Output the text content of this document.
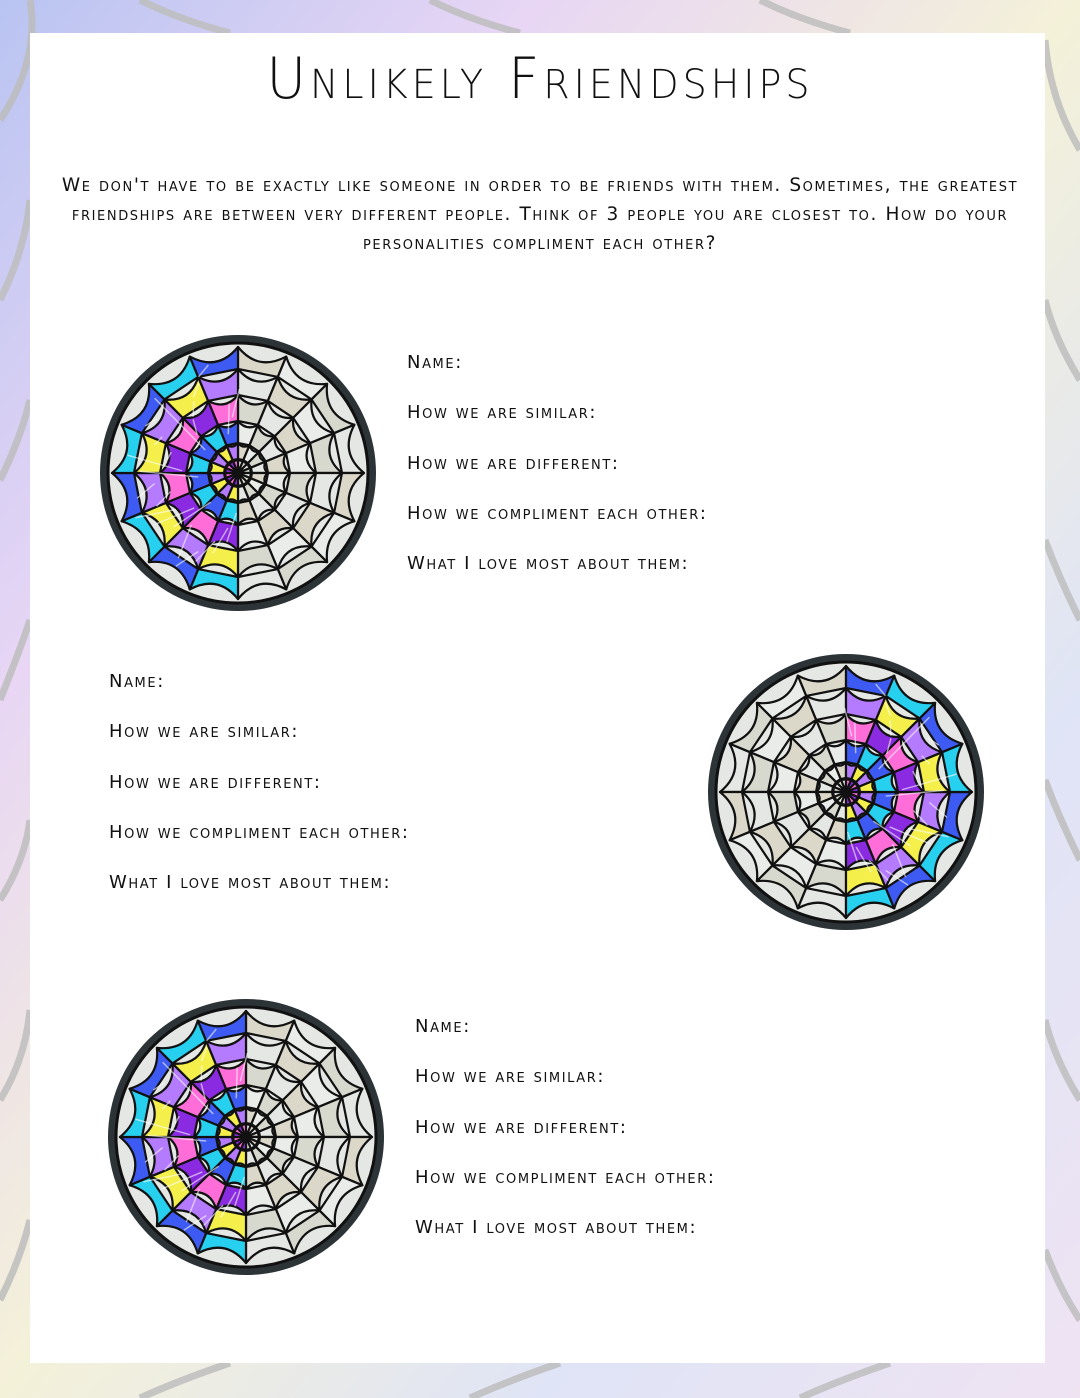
Unlikely Friendships

We don't have to be exactly like someone in order to be friends with them. Sometimes, the greatest friendships are between very different people. Think of 3 people you are closest to. How do your personalities compliment each other?

Name:
How we are similar:
How we are different:
How we compliment each other:
What I love most about them:
Name:
How we are similar:
How we are different:
How we compliment each other:
What I love most about them:
Name:
How we are similar:
How we are different:
How we compliment each other:
What I love most about them:
